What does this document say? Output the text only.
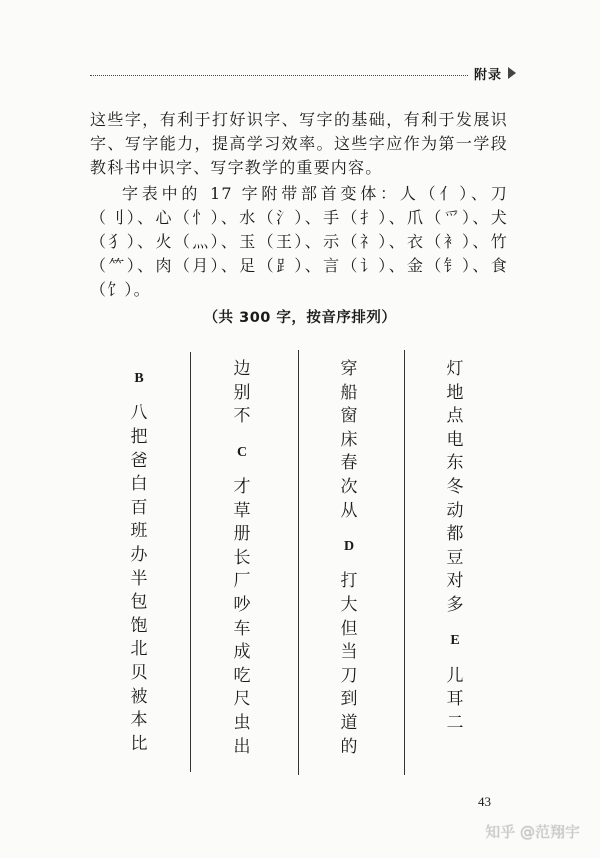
附录

这些字，有利于打好识字、写字的基础，有利于发展识字、写字能力，提高学习效率。这些字应作为第一学段教科书中识字、写字教学的重要内容。

字表中的 17 字附带部首变体：人（亻）、刀（刂）、心（忄）、水（氵）、手（扌）、爪（爫）、犬（犭）、火（灬）、玉（王）、示（礻）、衣（衤）、竹（⺮）、肉（月）、足（⻊）、言（讠）、金（钅）、食（饣）。

（共 300 字，按音序排列）
B
八
把
爸
白
百
班
办
半
包
饱
北
贝
被
本
比
边
别
不
C
才
草
册
长
厂
吵
车
成
吃
尺
虫
出
穿
船
窗
床
春
次
从
D
打
大
但
当
刀
到
道
的
灯
地
点
电
东
冬
动
都
豆
对
多
E
儿
耳
二
43
知乎 @范翔宇
